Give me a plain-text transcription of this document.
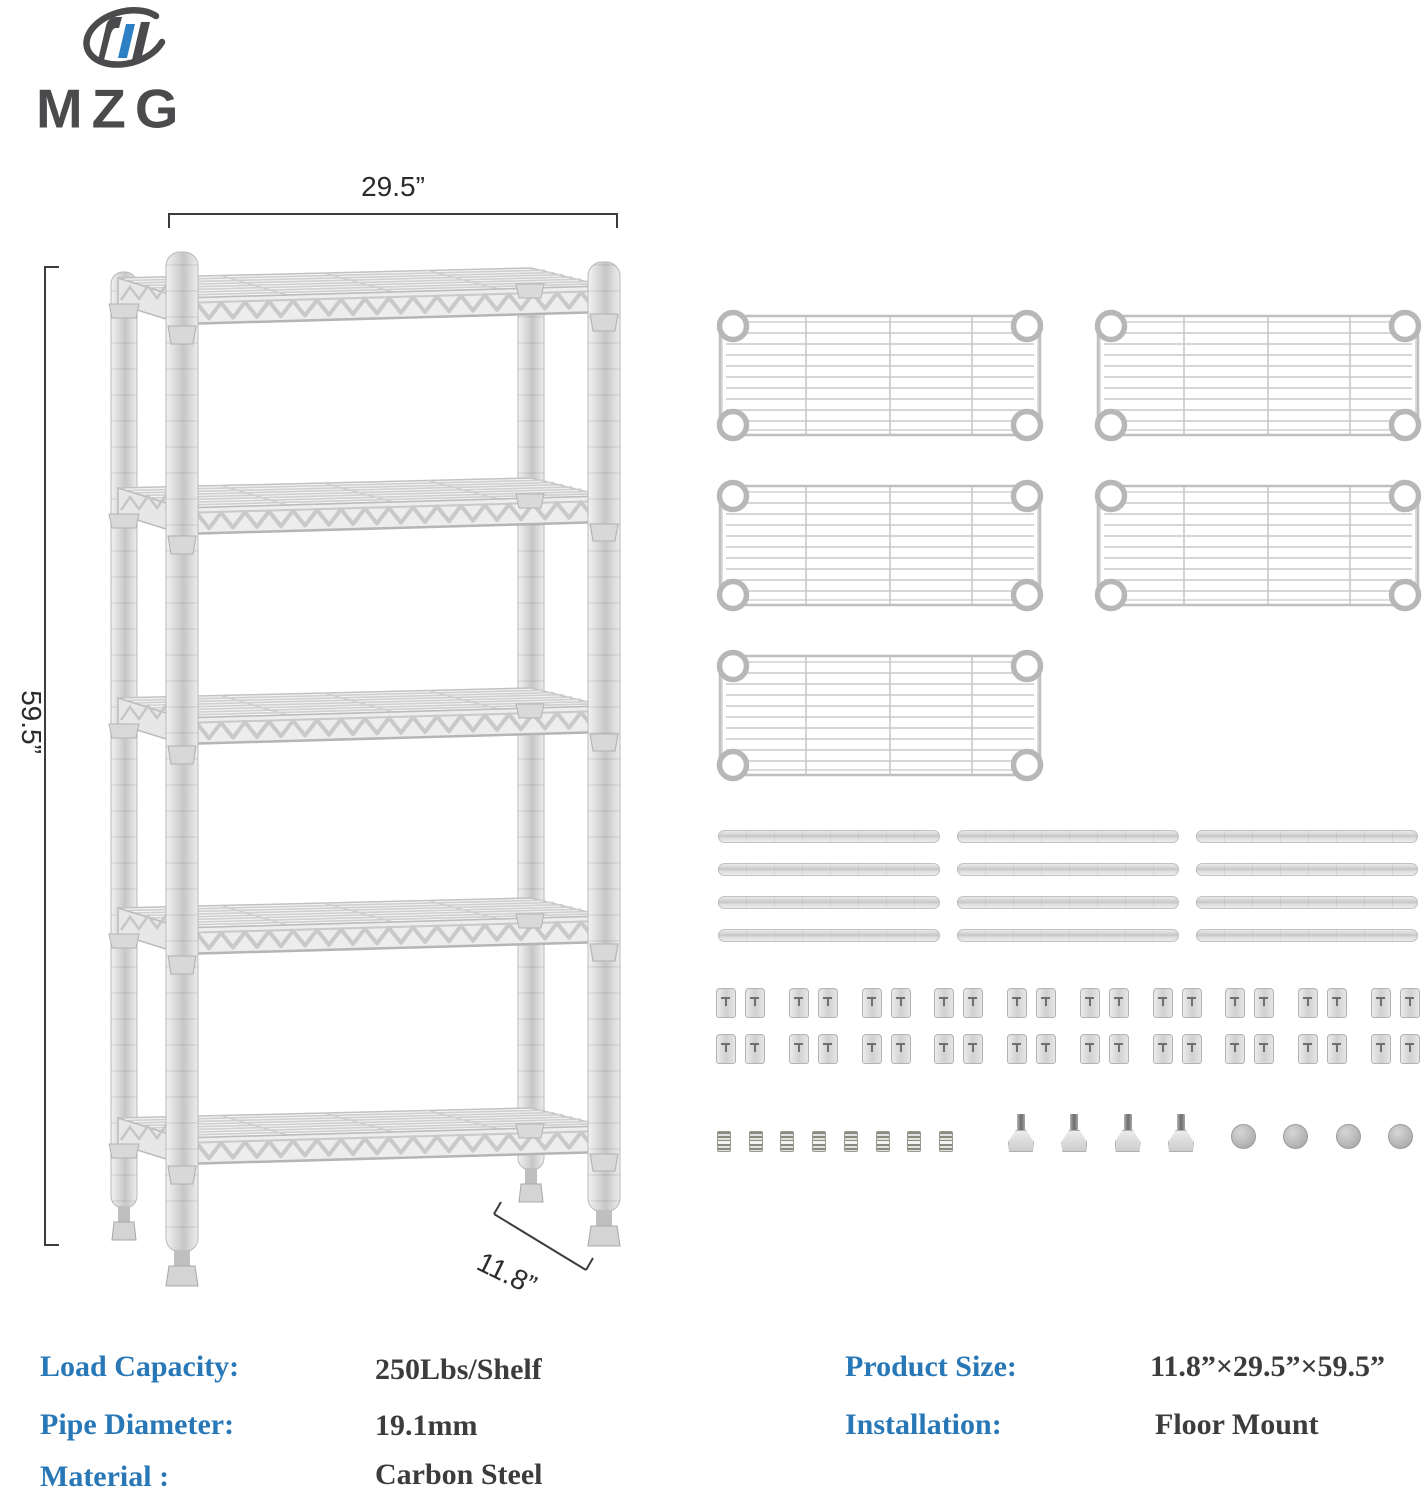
MZG
29.5”
59.5”
11.8”
Load Capacity:	250Lbs/Shelf
Pipe Diameter:	19.1mm
Material :	Carbon Steel
Product Size:	11.8”×29.5”×59.5”
Installation:	Floor Mount
